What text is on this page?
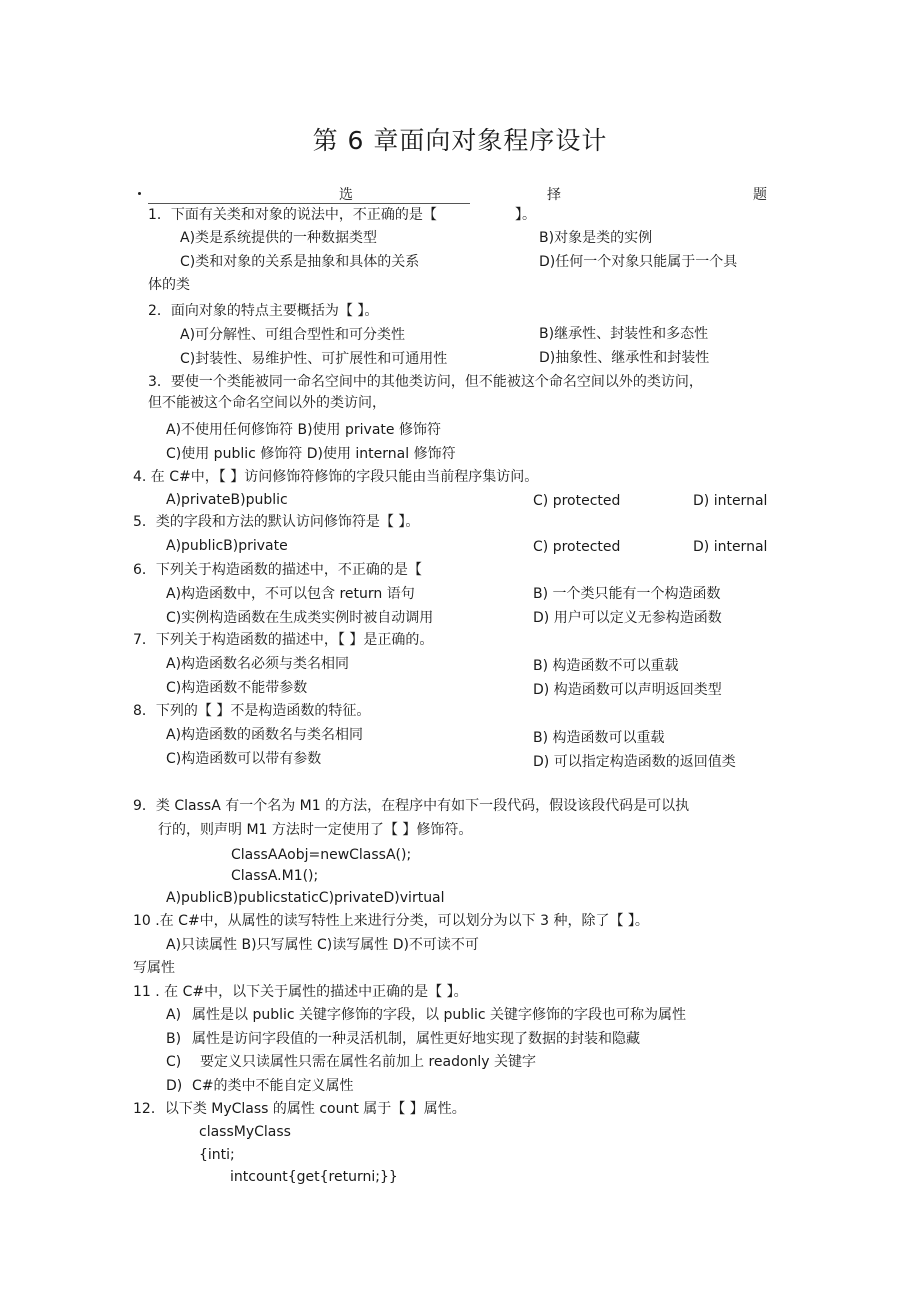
第 6 章面向对象程序设计
选	择	题
1．下面有关类和对象的说法中，不正确的是【	】。
A)类是系统提供的一种数据类型	B)对象是类的实例
C)类和对象的关系是抽象和具体的关系	D)任何一个对象只能属于一个具
体的类
2．面向对象的特点主要概括为【 】。
A)可分解性、可组合型性和可分类性	B)继承性、封装性和多态性
C)封装性、易维护性、可扩展性和可通用性	D)抽象性、继承性和封装性
3．要使一个类能被同一命名空间中的其他类访问，但不能被这个命名空间以外的类访问，
但不能被这个命名空间以外的类访问，
A)不使用任何修饰符 B)使用 private 修饰符
C)使用 public 修饰符 D)使用 internal 修饰符
4. 在 C#中，【 】访问修饰符修饰的字段只能由当前程序集访问。
A)privateB)public	C) protected	D) internal
5．类的字段和方法的默认访问修饰符是【 】。
A)publicB)private	C) protected	D) internal
6．下列关于构造函数的描述中，不正确的是【
A)构造函数中，不可以包含 return 语句	B) 一个类只能有一个构造函数
C)实例构造函数在生成类实例时被自动调用	D) 用户可以定义无参构造函数
7．下列关于构造函数的描述中，【 】是正确的。
A)构造函数名必须与类名相同	B) 构造函数不可以重载
C)构造函数不能带参数	D) 构造函数可以声明返回类型
8．下列的【 】不是构造函数的特征。
A)构造函数的函数名与类名相同	B) 构造函数可以重载
C)构造函数可以带有参数	D) 可以指定构造函数的返回值类
9．类 ClassA 有一个名为 M1 的方法，在程序中有如下一段代码，假设该段代码是可以执
行的，则声明 M1 方法时一定使用了【 】修饰符。
ClassAAobj=newClassA();
ClassA.M1();
A)publicB)publicstaticC)privateD)virtual
10 .在 C#中，从属性的读写特性上来进行分类，可以划分为以下 3 种，除了【 】。
A)只读属性 B)只写属性 C)读写属性 D)不可读不可
写属性
11 . 在 C#中，以下关于属性的描述中正确的是【 】。
A) 属性是以 public 关键字修饰的字段，以 public 关键字修饰的字段也可称为属性
B) 属性是访问字段值的一种灵活机制，属性更好地实现了数据的封装和隐藏
C) 要定义只读属性只需在属性名前加上 readonly 关键字
D) C#的类中不能自定义属性
12．以下类 MyClass 的属性 count 属于【 】属性。
classMyClass
{inti;
intcount{get{returni;}}
